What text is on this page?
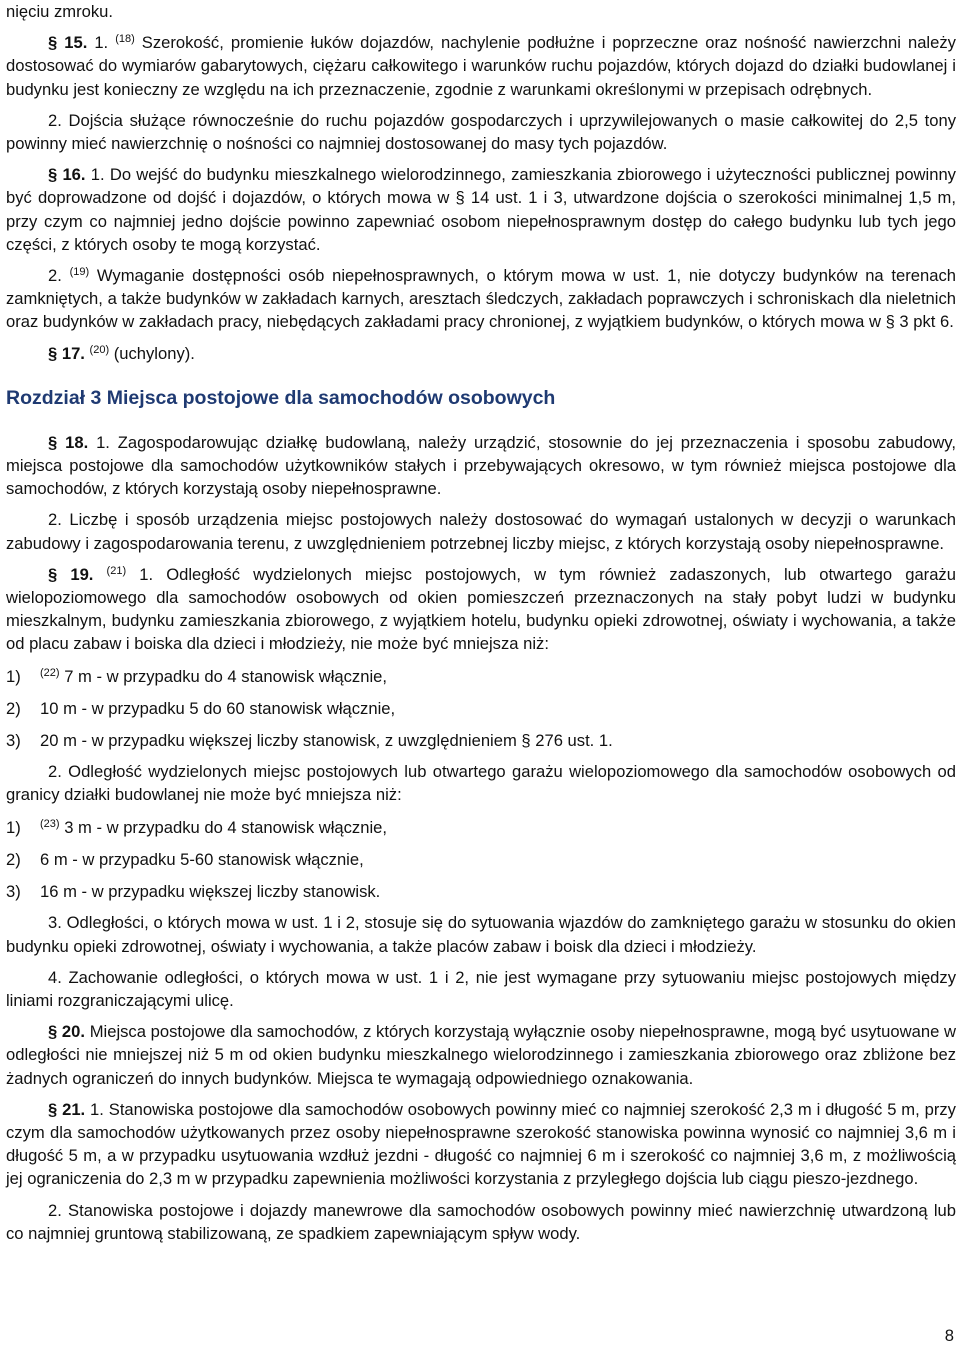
nięciu zmroku.

§ 15. 1. $^{(18)}$ Szerokość, promienie łuków dojazdów, nachylenie podłużne i poprzeczne oraz nośność nawierzchni należy dostosować do wymiarów gabarytowych, ciężaru całkowitego i warunków ruchu pojazdów, których dojazd do działki budowlanej i budynku jest konieczny ze względu na ich przeznaczenie, zgodnie z warunkami określonymi w przepisach odrębnych.

2. Dojścia służące równocześnie do ruchu pojazdów gospodarczych i uprzywilejowanych o masie całkowitej do 2,5 tony powinny mieć nawierzchnię o nośności co najmniej dostosowanej do masy tych pojazdów.

§ 16. 1. Do wejść do budynku mieszkalnego wielorodzinnego, zamieszkania zbiorowego i użyteczności publicznej powinny być doprowadzone od dojść i dojazdów, o których mowa w § 14 ust. 1 i 3, utwardzone dojścia o szerokości minimalnej 1,5 m, przy czym co najmniej jedno dojście powinno zapewniać osobom niepełnosprawnym dostęp do całego budynku lub tych jego części, z których osoby te mogą korzystać.

2. $^{(19)}$ Wymaganie dostępności osób niepełnosprawnych, o którym mowa w ust. 1, nie dotyczy budynków na terenach zamkniętych, a także budynków w zakładach karnych, aresztach śledczych, zakładach poprawczych i schroniskach dla nieletnich oraz budynków w zakładach pracy, niebędących zakładami pracy chronionej, z wyjątkiem budynków, o których mowa w § 3 pkt 6.

§ 17. $^{(20)}$ (uchylony).

Rozdział 3 Miejsca postojowe dla samochodów osobowych

§ 18. 1. Zagospodarowując działkę budowlaną, należy urządzić, stosownie do jej przeznaczenia i sposobu zabudowy, miejsca postojowe dla samochodów użytkowników stałych i przebywających okresowo, w tym również miejsca postojowe dla samochodów, z których korzystają osoby niepełnosprawne.

2. Liczbę i sposób urządzenia miejsc postojowych należy dostosować do wymagań ustalonych w decyzji o warunkach zabudowy i zagospodarowania terenu, z uwzględnieniem potrzebnej liczby miejsc, z których korzystają osoby niepełnosprawne.

§ 19. $^{(21)}$ 1. Odległość wydzielonych miejsc postojowych, w tym również zadaszonych, lub otwartego garażu wielopoziomowego dla samochodów osobowych od okien pomieszczeń przeznaczonych na stały pobyt ludzi w budynku mieszkalnym, budynku zamieszkania zbiorowego, z wyjątkiem hotelu, budynku opieki zdrowotnej, oświaty i wychowania, a także od placu zabaw i boiska dla dzieci i młodzieży, nie może być mniejsza niż:

1)	$^{(22)}$ 7 m - w przypadku do 4 stanowisk włącznie,
2)	10 m - w przypadku 5 do 60 stanowisk włącznie,
3)	20 m - w przypadku większej liczby stanowisk, z uwzględnieniem § 276 ust. 1.

2. Odległość wydzielonych miejsc postojowych lub otwartego garażu wielopoziomowego dla samochodów osobowych od granicy działki budowlanej nie może być mniejsza niż:

1)	$^{(23)}$ 3 m - w przypadku do 4 stanowisk włącznie,
2)	6 m - w przypadku 5-60 stanowisk włącznie,
3)	16 m - w przypadku większej liczby stanowisk.

3. Odległości, o których mowa w ust. 1 i 2, stosuje się do sytuowania wjazdów do zamkniętego garażu w stosunku do okien budynku opieki zdrowotnej, oświaty i wychowania, a także placów zabaw i boisk dla dzieci i młodzieży.

4. Zachowanie odległości, o których mowa w ust. 1 i 2, nie jest wymagane przy sytuowaniu miejsc postojowych między liniami rozgraniczającymi ulicę.

§ 20. Miejsca postojowe dla samochodów, z których korzystają wyłącznie osoby niepełnosprawne, mogą być usytuowane w odległości nie mniejszej niż 5 m od okien budynku mieszkalnego wielorodzinnego i zamieszkania zbiorowego oraz zbliżone bez żadnych ograniczeń do innych budynków. Miejsca te wymagają odpowiedniego oznakowania.

§ 21. 1. Stanowiska postojowe dla samochodów osobowych powinny mieć co najmniej szerokość 2,3 m i długość 5 m, przy czym dla samochodów użytkowanych przez osoby niepełnosprawne szerokość stanowiska powinna wynosić co najmniej 3,6 m i długość 5 m, a w przypadku usytuowania wzdłuż jezdni - długość co najmniej 6 m i szerokość co najmniej 3,6 m, z możliwością jej ograniczenia do 2,3 m w przypadku zapewnienia możliwości korzystania z przyległego dojścia lub ciągu pieszo-jezdnego.

2. Stanowiska postojowe i dojazdy manewrowe dla samochodów osobowych powinny mieć nawierzchnię utwardzoną lub co najmniej gruntową stabilizowaną, ze spadkiem zapewniającym spływ wody.

8
